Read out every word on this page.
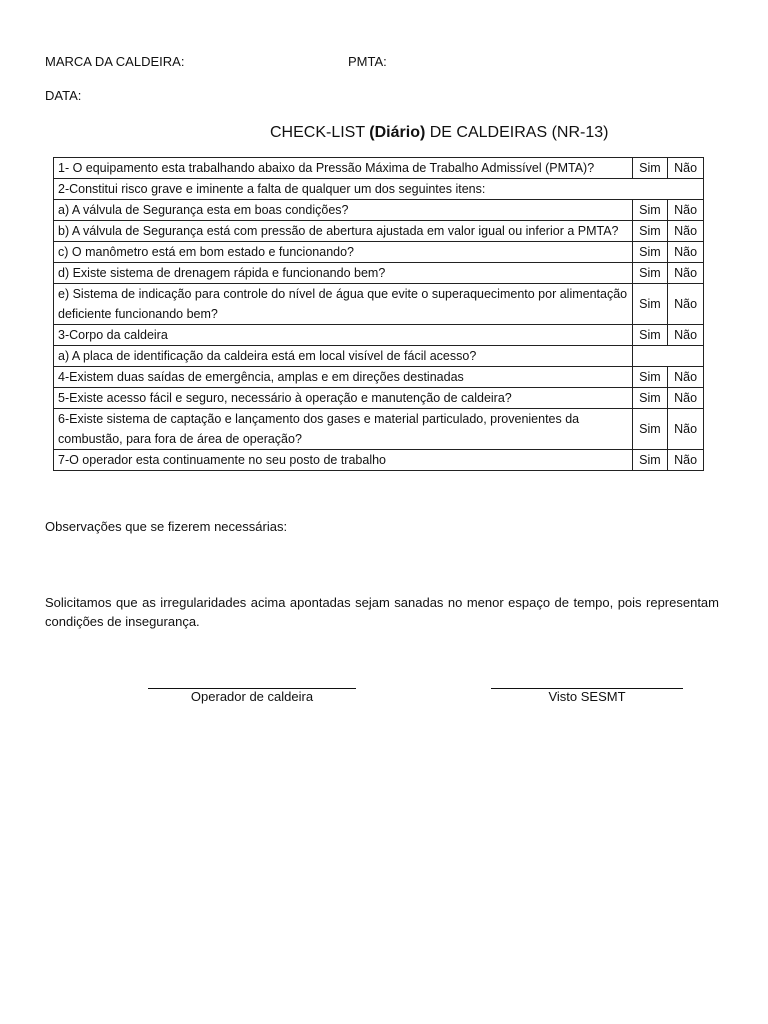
MARCA DA CALDEIRA:	PMTA:
DATA:
CHECK-LIST (Diário) DE CALDEIRAS (NR-13)
1- O equipamento esta trabalhando abaixo da Pressão Máxima de Trabalho Admissível (PMTA)?	Sim	Não
2-Constitui risco grave e iminente a falta de qualquer um dos seguintes itens:		
a) A válvula de Segurança esta em boas condições?	Sim	Não
b) A válvula de Segurança está com pressão de abertura ajustada em valor igual ou inferior a PMTA?	Sim	Não
c) O manômetro está em bom estado e funcionando?	Sim	Não
d) Existe sistema de drenagem rápida e funcionando bem?	Sim	Não
e) Sistema de indicação para controle do nível de água que evite o superaquecimento por alimentação deficiente funcionando bem?	Sim	Não
3-Corpo da caldeira	Sim	Não
a) A placa de identificação da caldeira está em local visível de fácil acesso?		
4-Existem duas saídas de emergência, amplas e em direções destinadas	Sim	Não
5-Existe acesso fácil e seguro, necessário à operação e manutenção de caldeira?	Sim	Não
6-Existe sistema de captação e lançamento dos gases e material particulado, provenientes da combustão, para fora de área de operação?	Sim	Não
7-O operador esta continuamente no seu posto de trabalho	Sim	Não
Observações que se fizerem necessárias:
Solicitamos que as irregularidades acima apontadas sejam sanadas no menor espaço de tempo, pois representam condições de insegurança.
Operador de caldeira	Visto SESMT
